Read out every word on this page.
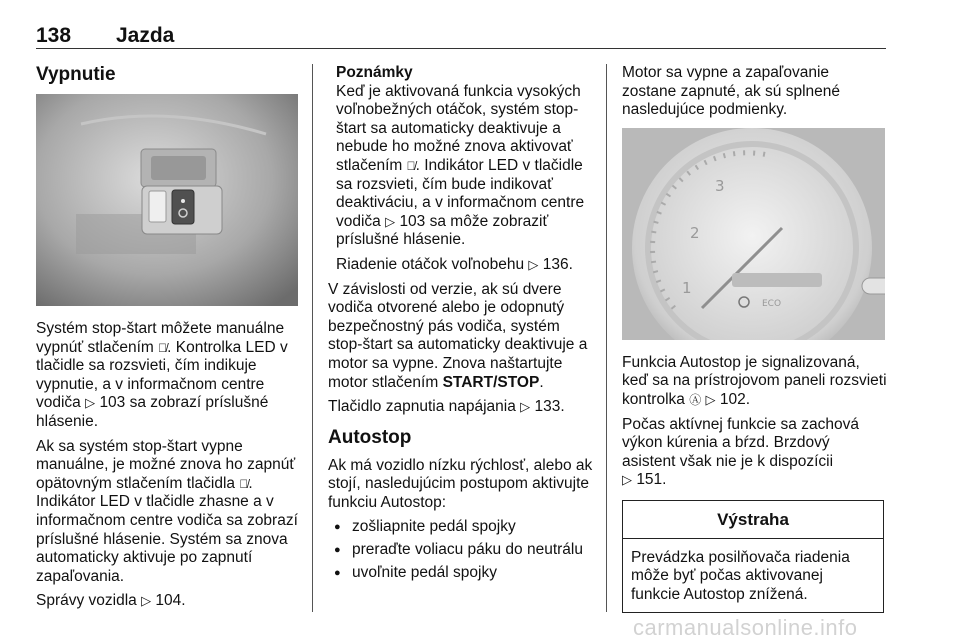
138 Jazda
Vypnutie

Systém stop-štart môžete manuálne vypnúť stlačením Ⓐ̸. Kontrolka LED v tlačidle sa rozsvieti, čím indikuje vypnutie, a v informačnom centre vodiča ▷ 103 sa zobrazí príslušné hlásenie.

Ak sa systém stop-štart vypne manuálne, je možné znova ho zapnúť opätovným stlačením tlačidla Ⓐ̸. Indikátor LED v tlačidle zhasne a v informačnom centre vodiča sa zobrazí príslušné hlásenie. Systém sa znova automaticky aktivuje po zapnutí zapaľovania.

Správy vozidla ▷ 104.

Poznámky

Keď je aktivovaná funkcia vysokých voľnobežných otáčok, systém stop-štart sa automaticky deaktivuje a nebude ho možné znova aktivovať stlačením Ⓐ̸. Indikátor LED v tlačidle sa rozsvieti, čím bude indikovať deaktiváciu, a v informačnom centre vodiča ▷ 103 sa môže zobraziť príslušné hlásenie.

Riadenie otáčok voľnobehu ▷ 136.

V závislosti od verzie, ak sú dvere vodiča otvorené alebo je odopnutý bezpečnostný pás vodiča, systém stop-štart sa automaticky deaktivuje a motor sa vypne. Znova naštartujte motor stlačením START/STOP.

Tlačidlo zapnutia napájania ▷ 133.

Autostop

Ak má vozidlo nízku rýchlosť, alebo ak stojí, nasledujúcim postupom aktivujte funkciu Autostop:

● zošliapnite pedál spojky
● preraďte voliacu páku do neutrálu
● uvoľnite pedál spojky

Motor sa vypne a zapaľovanie zostane zapnuté, ak sú splnené nasledujúce podmienky.

1
2
3
ECO

Funkcia Autostop je signalizovaná, keď sa na prístrojovom paneli rozsvieti kontrolka Ⓐ ▷ 102.

Počas aktívnej funkcie sa zachová výkon kúrenia a bŕzd. Brzdový asistent však nie je k dispozícii
▷ 151.

Výstraha
Prevádzka posilňovača riadenia môže byť počas aktivovanej funkcie Autostop znížená.
carmanualsonline.info
